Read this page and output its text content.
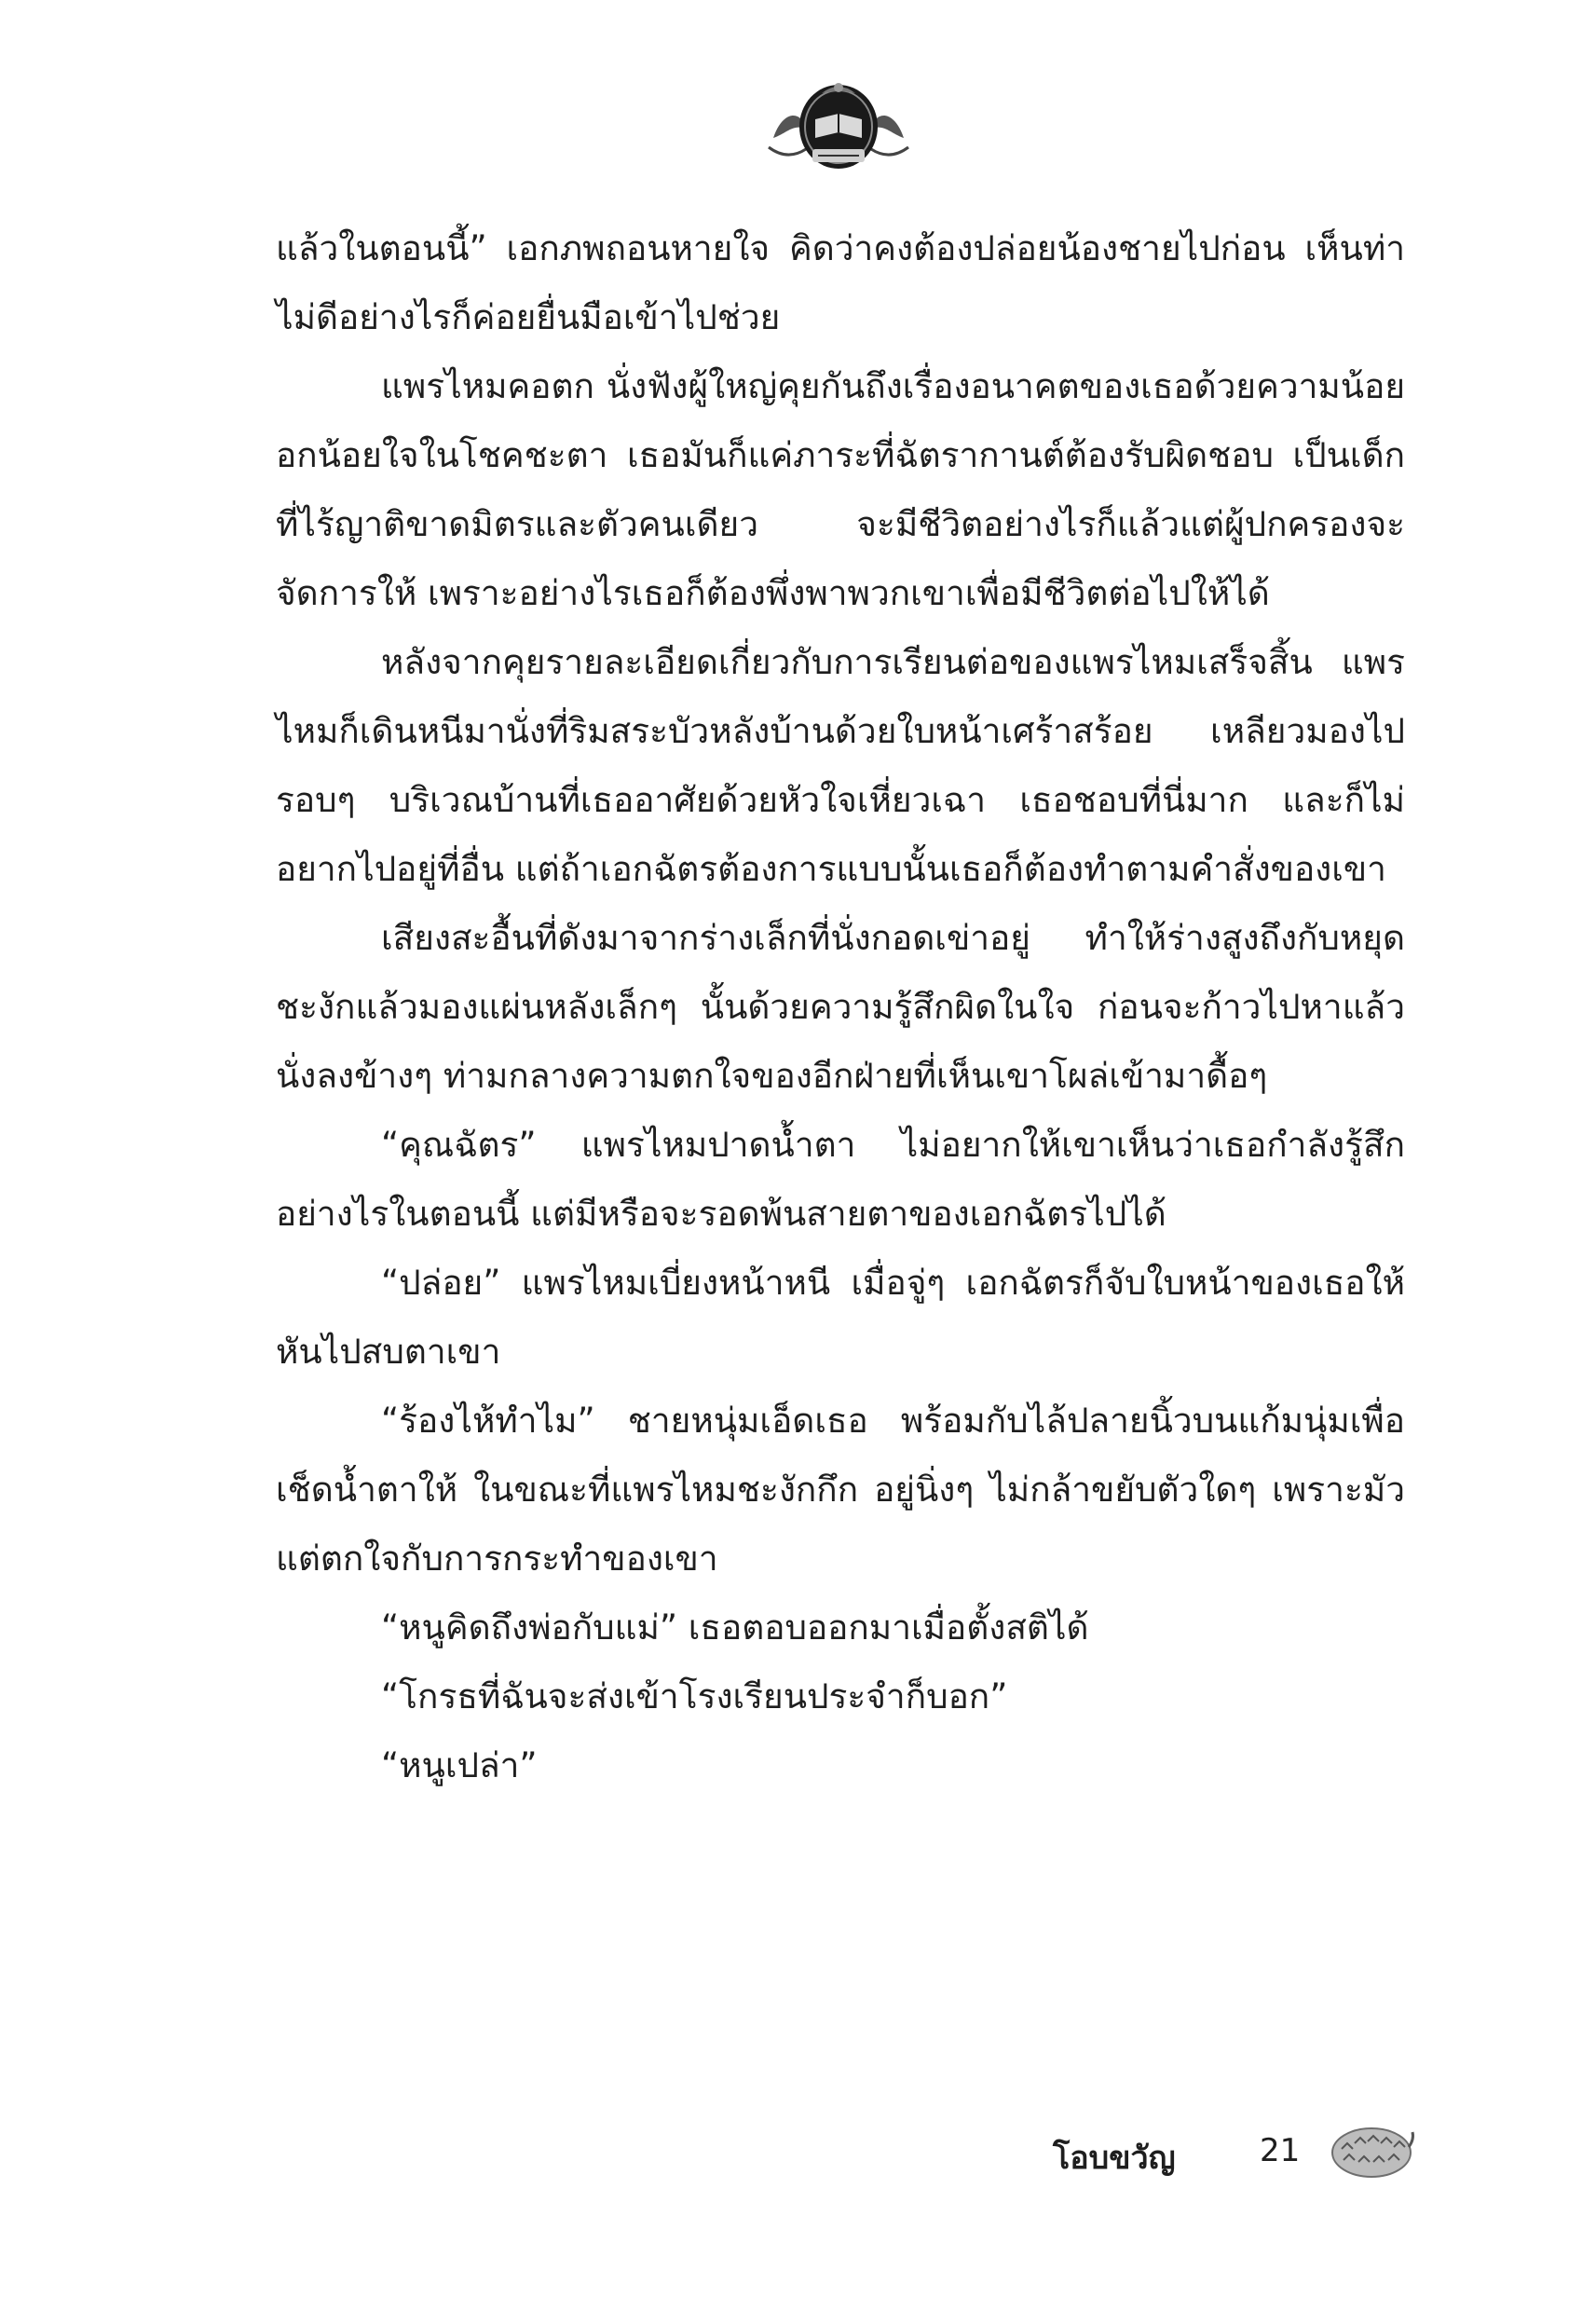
แล้วในตอนนี้” เอกภพถอนหายใจ คิดว่าคงต้องปล่อยน้องชายไปก่อน เห็นท่าไม่ดีอย่างไรก็ค่อยยื่นมือเข้าไปช่วย

แพรไหมคอตก นั่งฟังผู้ใหญ่คุยกันถึงเรื่องอนาคตของเธอด้วยความน้อยอกน้อยใจในโชคชะตา เธอมันก็แค่ภาระที่ฉัตรากานต์ต้องรับผิดชอบ เป็นเด็กที่ไร้ญาติขาดมิตรและตัวคนเดียว จะมีชีวิตอย่างไรก็แล้วแต่ผู้ปกครองจะจัดการให้ เพราะอย่างไรเธอก็ต้องพึ่งพาพวกเขาเพื่อมีชีวิตต่อไปให้ได้

หลังจากคุยรายละเอียดเกี่ยวกับการเรียนต่อของแพรไหมเสร็จสิ้น แพรไหมก็เดินหนีมานั่งที่ริมสระบัวหลังบ้านด้วยใบหน้าเศร้าสร้อย เหลียวมองไปรอบๆ บริเวณบ้านที่เธออาศัยด้วยหัวใจเหี่ยวเฉา เธอชอบที่นี่มาก และก็ไม่อยากไปอยู่ที่อื่น แต่ถ้าเอกฉัตรต้องการแบบนั้นเธอก็ต้องทำตามคำสั่งของเขา

เสียงสะอื้นที่ดังมาจากร่างเล็กที่นั่งกอดเข่าอยู่ ทำให้ร่างสูงถึงกับหยุดชะงักแล้วมองแผ่นหลังเล็กๆ นั้นด้วยความรู้สึกผิดในใจ ก่อนจะก้าวไปหาแล้วนั่งลงข้างๆ ท่ามกลางความตกใจของอีกฝ่ายที่เห็นเขาโผล่เข้ามาดื้อๆ

“คุณฉัตร” แพรไหมปาดน้ำตา ไม่อยากให้เขาเห็นว่าเธอกำลังรู้สึกอย่างไรในตอนนี้ แต่มีหรือจะรอดพ้นสายตาของเอกฉัตรไปได้

“ปล่อย” แพรไหมเบี่ยงหน้าหนี เมื่อจู่ๆ เอกฉัตรก็จับใบหน้าของเธอให้หันไปสบตาเขา

“ร้องไห้ทำไม” ชายหนุ่มเอ็ดเธอ พร้อมกับไล้ปลายนิ้วบนแก้มนุ่มเพื่อเช็ดน้ำตาให้ ในขณะที่แพรไหมชะงักกึก อยู่นิ่งๆ ไม่กล้าขยับตัวใดๆ เพราะมัวแต่ตกใจกับการกระทำของเขา

“หนูคิดถึงพ่อกับแม่” เธอตอบออกมาเมื่อตั้งสติได้

“โกรธที่ฉันจะส่งเข้าโรงเรียนประจำก็บอก”

“หนูเปล่า”

โอบขวัญ	21
